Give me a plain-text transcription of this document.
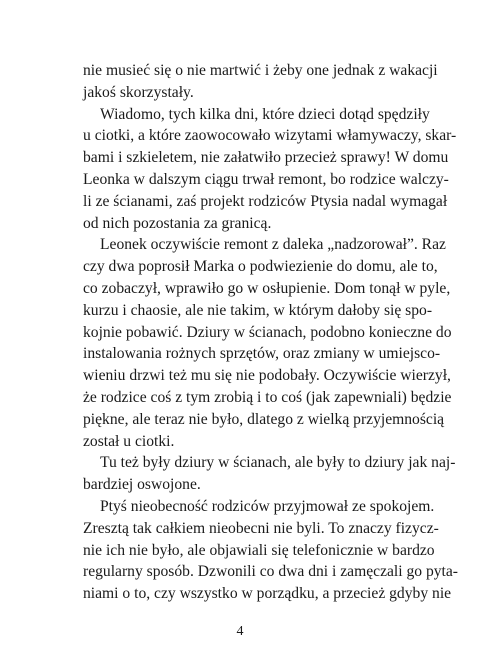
nie musieć się o nie martwić i żeby one jednak z wakacji
jakoś skorzystały.
Wiadomo, tych kilka dni, które dzieci dotąd spędziły
u ciotki, a które zaowocowało wizytami włamywaczy, skar-
bami i szkieletem, nie załatwiło przecież sprawy! W domu
Leonka w dalszym ciągu trwał remont, bo rodzice walczy-
li ze ścianami, zaś projekt rodziców Ptysia nadal wymagał
od nich pozostania za granicą.
Leonek oczywiście remont z daleka „nadzorował”. Raz
czy dwa poprosił Marka o podwiezienie do domu, ale to,
co zobaczył, wprawiło go w osłupienie. Dom tonął w pyle,
kurzu i chaosie, ale nie takim, w którym dałoby się spo-
kojnie pobawić. Dziury w ścianach, podobno konieczne do
instalowania rożnych sprzętów, oraz zmiany w umiejsco-
wieniu drzwi też mu się nie podobały. Oczywiście wierzył,
że rodzice coś z tym zrobią i to coś (jak zapewniali) będzie
piękne, ale teraz nie było, dlatego z wielką przyjemnością
został u ciotki.
Tu też były dziury w ścianach, ale były to dziury jak naj-
bardziej oswojone.
Ptyś nieobecność rodziców przyjmował ze spokojem.
Zresztą tak całkiem nieobecni nie byli. To znaczy fizycz-
nie ich nie było, ale objawiali się telefonicznie w bardzo
regularny sposób. Dzwonili co dwa dni i zamęczali go pyta-
niami o to, czy wszystko w porządku, a przecież gdyby nie
4
